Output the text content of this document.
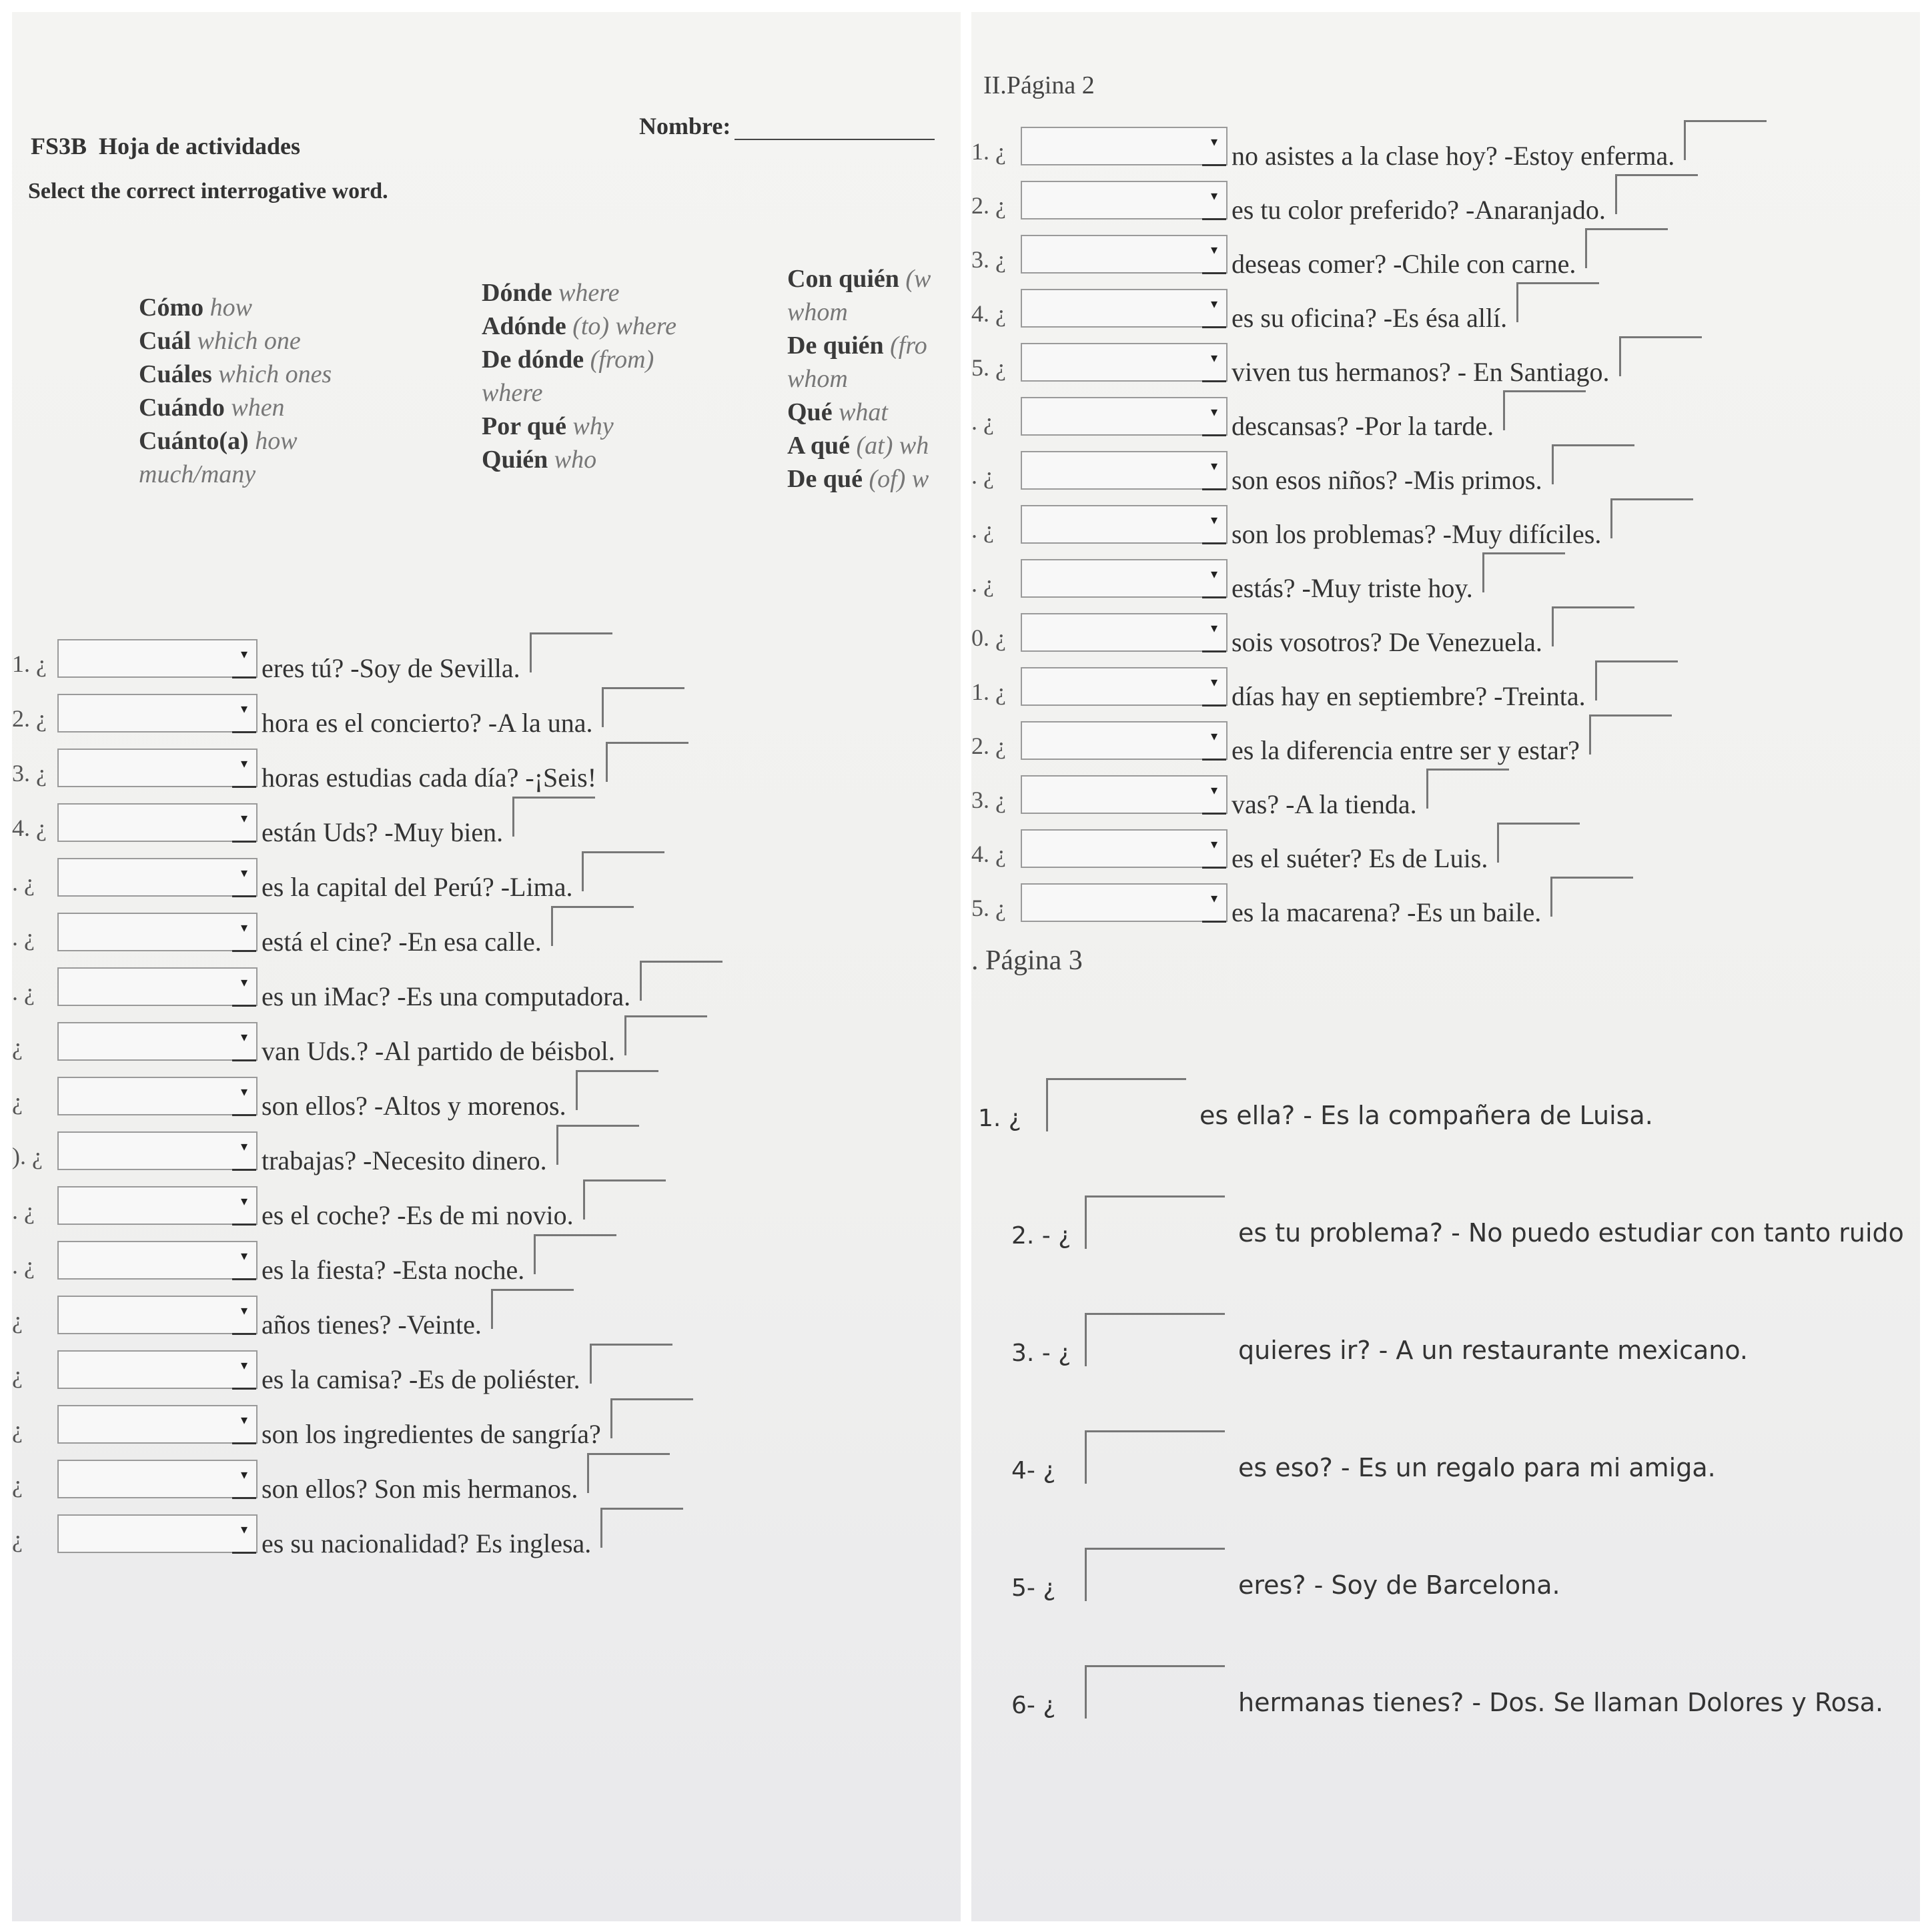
FS3B Hoja de actividades
Nombre:
Select the correct interrogative word.
Cómo how
Cuál which one
Cuáles which ones
Cuándo when
Cuánto(a) how
much/many
Dónde where
Adónde (to) where
De dónde (from)
where
Por qué why
Quién who
Con quién (w
whom
De quién (fro
whom
Qué what
A qué (at) wh
De qué (of) w
1. ¿	▾ eres tú? -Soy de Sevilla.
2. ¿	▾ hora es el concierto? -A la una.
3. ¿	▾ horas estudias cada día? -¡Seis!
4. ¿	▾ están Uds? -Muy bien.
. ¿	▾ es la capital del Perú? -Lima.
. ¿	▾ está el cine? -En esa calle.
. ¿	▾ es un iMac? -Es una computadora.
¿	▾ van Uds.? -Al partido de béisbol.
¿	▾ son ellos? -Altos y morenos.
). ¿	▾ trabajas? -Necesito dinero.
. ¿	▾ es el coche? -Es de mi novio.
. ¿	▾ es la fiesta? -Esta noche.
¿	▾ años tienes? -Veinte.
¿	▾ es la camisa? -Es de poliéster.
¿	▾ son los ingredientes de sangría?
¿	▾ son ellos? Son mis hermanos.
¿	▾ es su nacionalidad? Es inglesa.
II.Página 2
1. ¿	▾ no asistes a la clase hoy? -Estoy enferma.
2. ¿	▾ es tu color preferido? -Anaranjado.
3. ¿	▾ deseas comer? -Chile con carne.
4. ¿	▾ es su oficina? -Es ésa allí.
5. ¿	▾ viven tus hermanos? - En Santiago.
. ¿	▾ descansas? -Por la tarde.
. ¿	▾ son esos niños? -Mis primos.
. ¿	▾ son los problemas? -Muy difíciles.
. ¿	▾ estás? -Muy triste hoy.
0. ¿	▾ sois vosotros? De Venezuela.
1. ¿	▾ días hay en septiembre? -Treinta.
2. ¿	▾ es la diferencia entre ser y estar?
3. ¿	▾ vas? -A la tienda.
4. ¿	▾ es el suéter? Es de Luis.
5. ¿	▾ es la macarena? -Es un baile.
. Página 3
1. ¿	es ella? - Es la compañera de Luisa.
2. - ¿	es tu problema? - No puedo estudiar con tanto ruido
3. - ¿	quieres ir? - A un restaurante mexicano.
4- ¿	es eso? - Es un regalo para mi amiga.
5- ¿	eres? - Soy de Barcelona.
6- ¿	hermanas tienes? - Dos. Se llaman Dolores y Rosa.
